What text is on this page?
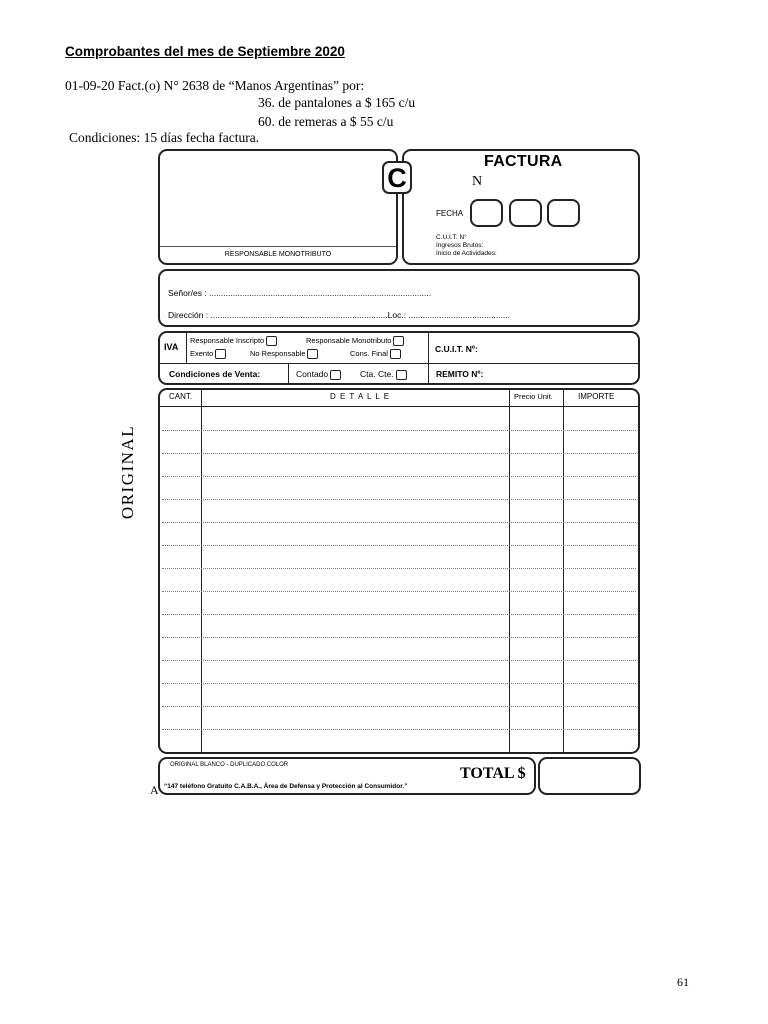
Comprobantes del mes de Septiembre 2020
01-09-20 Fact.(o) N° 2638 de “Manos Argentinas” por:
36. de pantalones a $ 165 c/u
60. de remeras a $ 55 c/u
Condiciones: 15 días fecha factura.
RESPONSABLE MONOTRIBUTO
FACTURA
N
FECHA
C.U.I.T. N°
Ingresos Brutos:
Inicio de Actividades:
C
Señor/es : ..............................................................................................
Dirección : ...........................................................................Loc.: ...........................................
IVA
Responsable Inscripto	Responsable Monotributo
Exento	No Responsable	Cons. Final	C.U.I.T. Nº:
Condiciones de Venta:	Contado	Cta. Cte.	REMITO Nº:
CANT.	D E T A L L E	Precio Unit.	IMPORTE
ORIGINAL
ORIGINAL BLANCO - DUPLICADO COLOR
“147 teléfono Gratuito C.A.B.A., Área de Defensa y Protección al Consumidor.”
TOTAL $
A
61
